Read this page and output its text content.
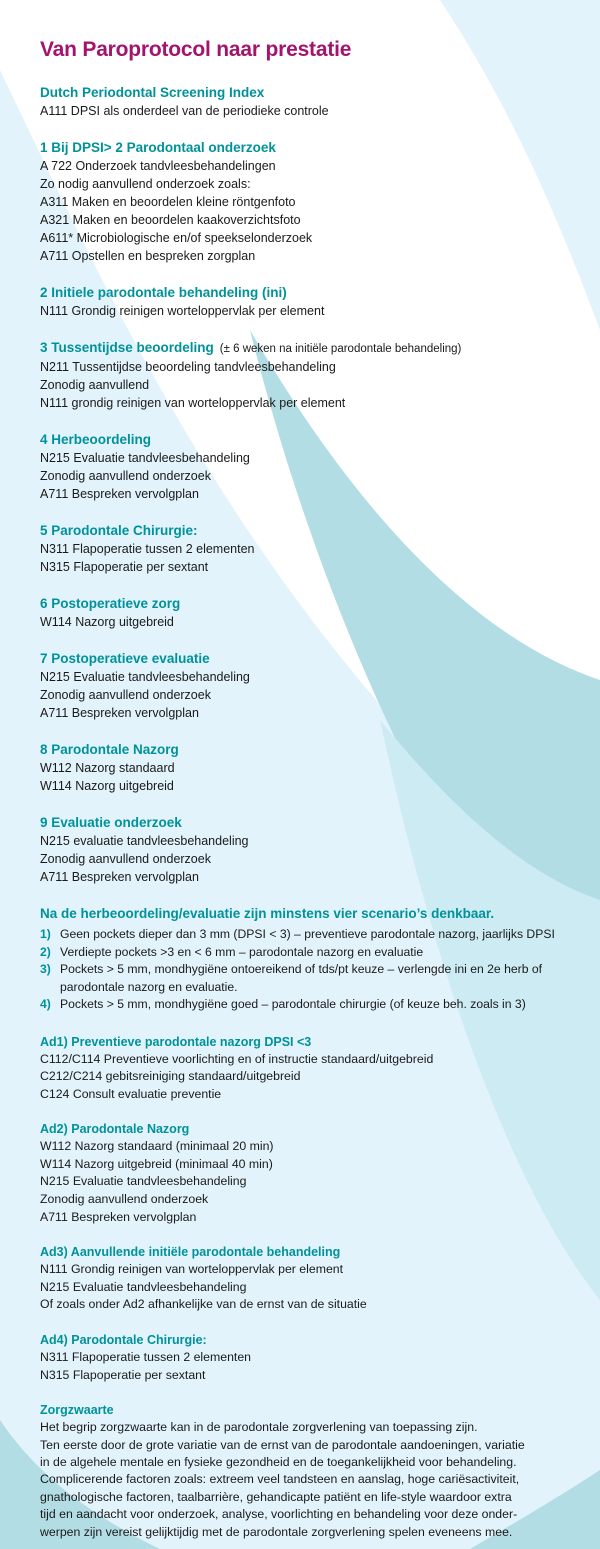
Van Paroprotocol naar prestatie
Dutch Periodontal Screening Index
A111 DPSI als onderdeel van de periodieke controle
1 Bij DPSI> 2 Parodontaal onderzoek
A 722 Onderzoek tandvleesbehandelingen
Zo nodig aanvullend onderzoek zoals:
A311 Maken en beoordelen kleine röntgenfoto
A321 Maken en beoordelen kaakoverzichtsfoto
A611* Microbiologische en/of speekselonderzoek
A711 Opstellen en bespreken zorgplan
2 Initiele parodontale behandeling (ini)
N111 Grondig reinigen worteloppervlak per element
3 Tussentijdse beoordeling (± 6 weken na initiële parodontale behandeling)
N211 Tussentijdse beoordeling tandvleesbehandeling
Zonodig aanvullend
N111 grondig reinigen van worteloppervlak per element
4 Herbeoordeling
N215 Evaluatie tandvleesbehandeling
Zonodig aanvullend onderzoek
A711 Bespreken vervolgplan
5 Parodontale Chirurgie:
N311 Flapoperatie tussen 2 elementen
N315 Flapoperatie per sextant
6 Postoperatieve zorg
W114 Nazorg uitgebreid
7 Postoperatieve evaluatie
N215 Evaluatie tandvleesbehandeling
Zonodig aanvullend onderzoek
A711 Bespreken vervolgplan
8 Parodontale Nazorg
W112 Nazorg standaard
W114 Nazorg uitgebreid
9 Evaluatie onderzoek
N215 evaluatie tandvleesbehandeling
Zonodig aanvullend onderzoek
A711 Bespreken vervolgplan
Na de herbeoordeling/evaluatie zijn minstens vier scenario’s denkbaar.
1) Geen pockets dieper dan 3 mm (DPSI < 3) – preventieve parodontale nazorg, jaarlijks DPSI
2) Verdiepte pockets >3 en < 6 mm – parodontale nazorg en evaluatie
3) Pockets > 5 mm, mondhygiëne ontoereikend of tds/pt keuze – verlengde ini en 2e herb of parodontale nazorg en evaluatie.
4) Pockets > 5 mm, mondhygiëne goed – parodontale chirurgie (of keuze beh. zoals in 3)
Ad1) Preventieve parodontale nazorg DPSI <3
C112/C114 Preventieve voorlichting en of instructie standaard/uitgebreid
C212/C214 gebitsreiniging standaard/uitgebreid
C124 Consult evaluatie preventie
Ad2) Parodontale Nazorg
W112 Nazorg standaard (minimaal 20 min)
W114 Nazorg uitgebreid (minimaal 40 min)
N215 Evaluatie tandvleesbehandeling
Zonodig aanvullend onderzoek
A711 Bespreken vervolgplan
Ad3) Aanvullende initiële parodontale behandeling
N111 Grondig reinigen van worteloppervlak per element
N215 Evaluatie tandvleesbehandeling
Of zoals onder Ad2 afhankelijke van de ernst van de situatie
Ad4) Parodontale Chirurgie:
N311 Flapoperatie tussen 2 elementen
N315 Flapoperatie per sextant
Zorgzwaarte
Het begrip zorgzwaarte kan in de parodontale zorgverlening van toepassing zijn.
Ten eerste door de grote variatie van de ernst van de parodontale aandoeningen, variatie
in de algehele mentale en fysieke gezondheid en de toegankelijkheid voor behandeling.
Complicerende factoren zoals: extreem veel tandsteen en aanslag, hoge cariësactiviteit,
gnathologische factoren, taalbarrière, gehandicapte patiënt en life-style waardoor extra
tijd en aandacht voor onderzoek, analyse, voorlichting en behandeling voor deze onder-
werpen zijn vereist gelijktijdig met de parodontale zorgverlening spelen eveneens mee.
